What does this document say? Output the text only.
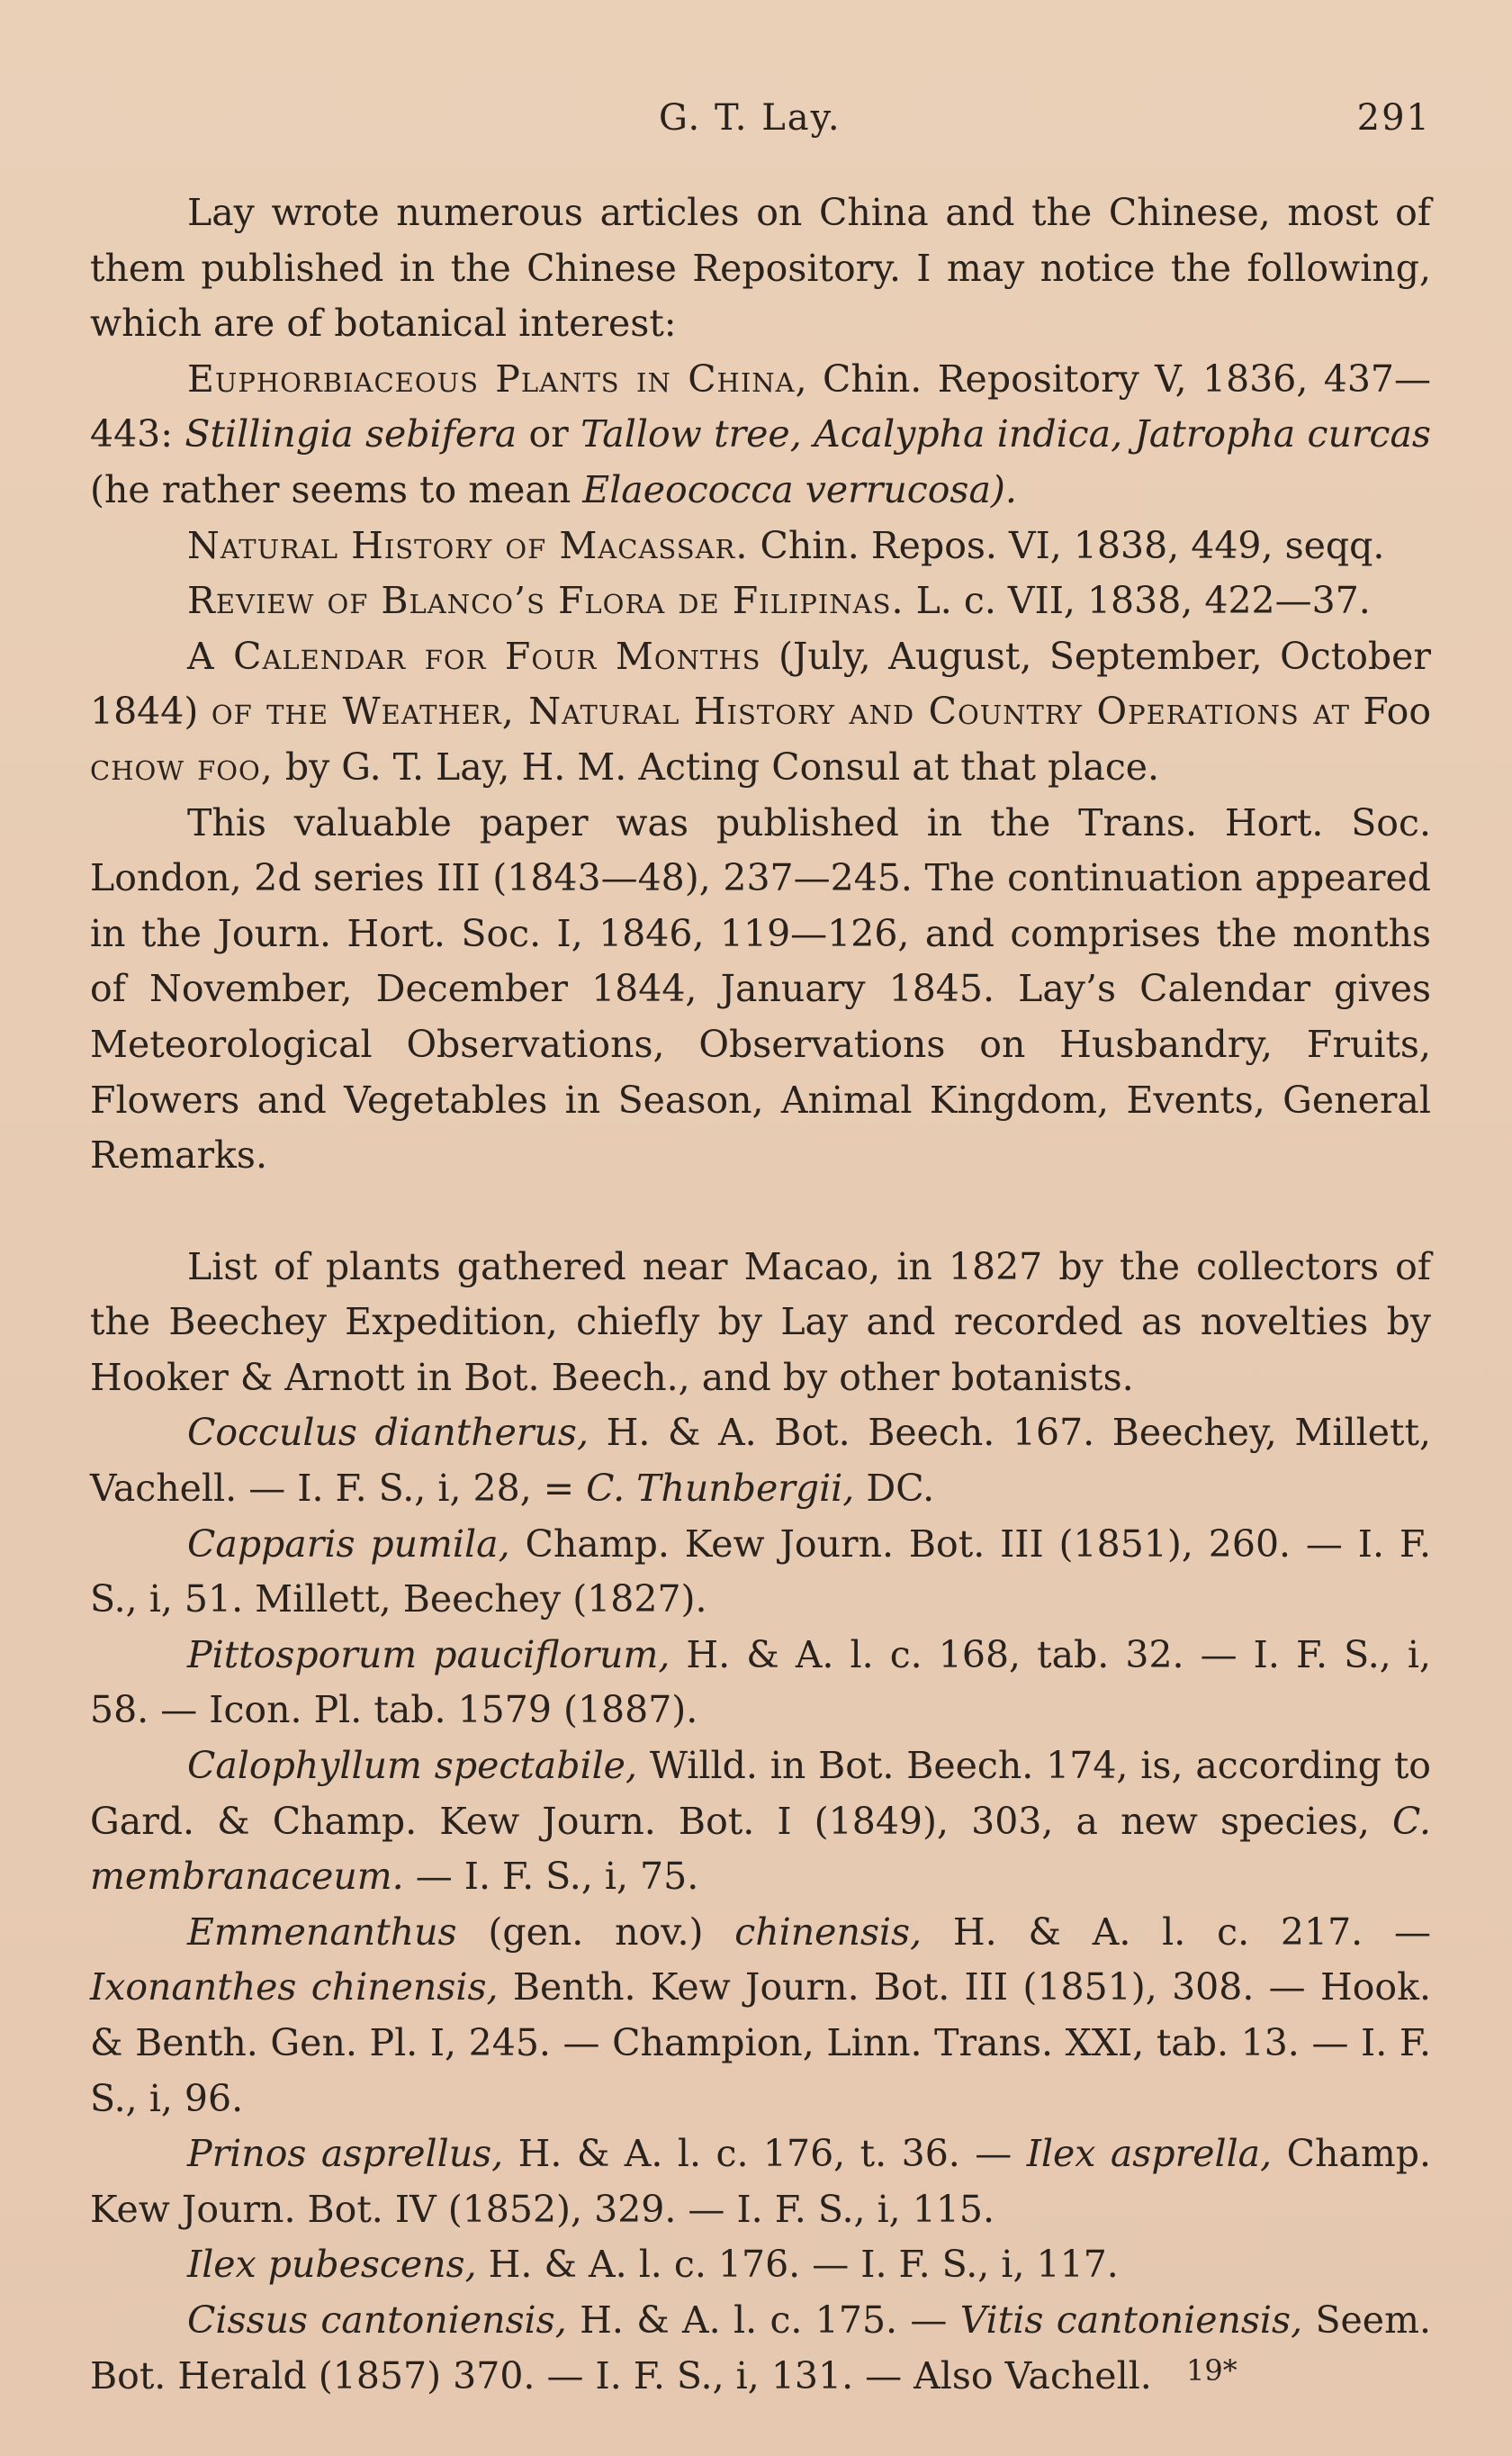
G. T. Lay.	291

Lay wrote numerous articles on China and the Chinese, most of them published in the Chinese Repository. I may notice the following, which are of botanical interest:

Euphorbiaceous Plants in China, Chin. Repository V, 1836, 437—443: Stillingia sebifera or Tallow tree, Acalypha indica, Jatropha curcas (he rather seems to mean Elaeococca verrucosa).

Natural History of Macassar. Chin. Repos. VI, 1838, 449, seqq.

Review of Blanco’s Flora de Filipinas. L. c. VII, 1838, 422—37.

A Calendar for Four Months (July, August, September, October 1844) of the Weather, Natural History and Country Operations at Foo chow foo, by G. T. Lay, H. M. Acting Consul at that place.

This valuable paper was published in the Trans. Hort. Soc. London, 2d series III (1843—48), 237—245. The continuation appeared in the Journ. Hort. Soc. I, 1846, 119—126, and comprises the months of November, December 1844, January 1845. Lay’s Calendar gives Meteorological Observations, Observations on Husbandry, Fruits, Flowers and Vegetables in Season, Animal Kingdom, Events, General Remarks.

List of plants gathered near Macao, in 1827 by the collectors of the Beechey Expedition, chiefly by Lay and recorded as novelties by Hooker & Arnott in Bot. Beech., and by other botanists.

Cocculus diantherus, H. & A. Bot. Beech. 167. Beechey, Millett, Vachell. — I. F. S., i, 28, = C. Thunbergii, DC.

Capparis pumila, Champ. Kew Journ. Bot. III (1851), 260. — I. F. S., i, 51. Millett, Beechey (1827).

Pittosporum pauciflorum, H. & A. l. c. 168, tab. 32. — I. F. S., i, 58. — Icon. Pl. tab. 1579 (1887).

Calophyllum spectabile, Willd. in Bot. Beech. 174, is, according to Gard. & Champ. Kew Journ. Bot. I (1849), 303, a new species, C. membranaceum. — I. F. S., i, 75.

Emmenanthus (gen. nov.) chinensis, H. & A. l. c. 217. — Ixonanthes chinensis, Benth. Kew Journ. Bot. III (1851), 308. — Hook. & Benth. Gen. Pl. I, 245. — Champion, Linn. Trans. XXI, tab. 13. — I. F. S., i, 96.

Prinos asprellus, H. & A. l. c. 176, t. 36. — Ilex asprella, Champ. Kew Journ. Bot. IV (1852), 329. — I. F. S., i, 115.

Ilex pubescens, H. & A. l. c. 176. — I. F. S., i, 117.

Cissus cantoniensis, H. & A. l. c. 175. — Vitis cantoniensis, Seem. Bot. Herald (1857) 370. — I. F. S., i, 131. — Also Vachell.	19*
